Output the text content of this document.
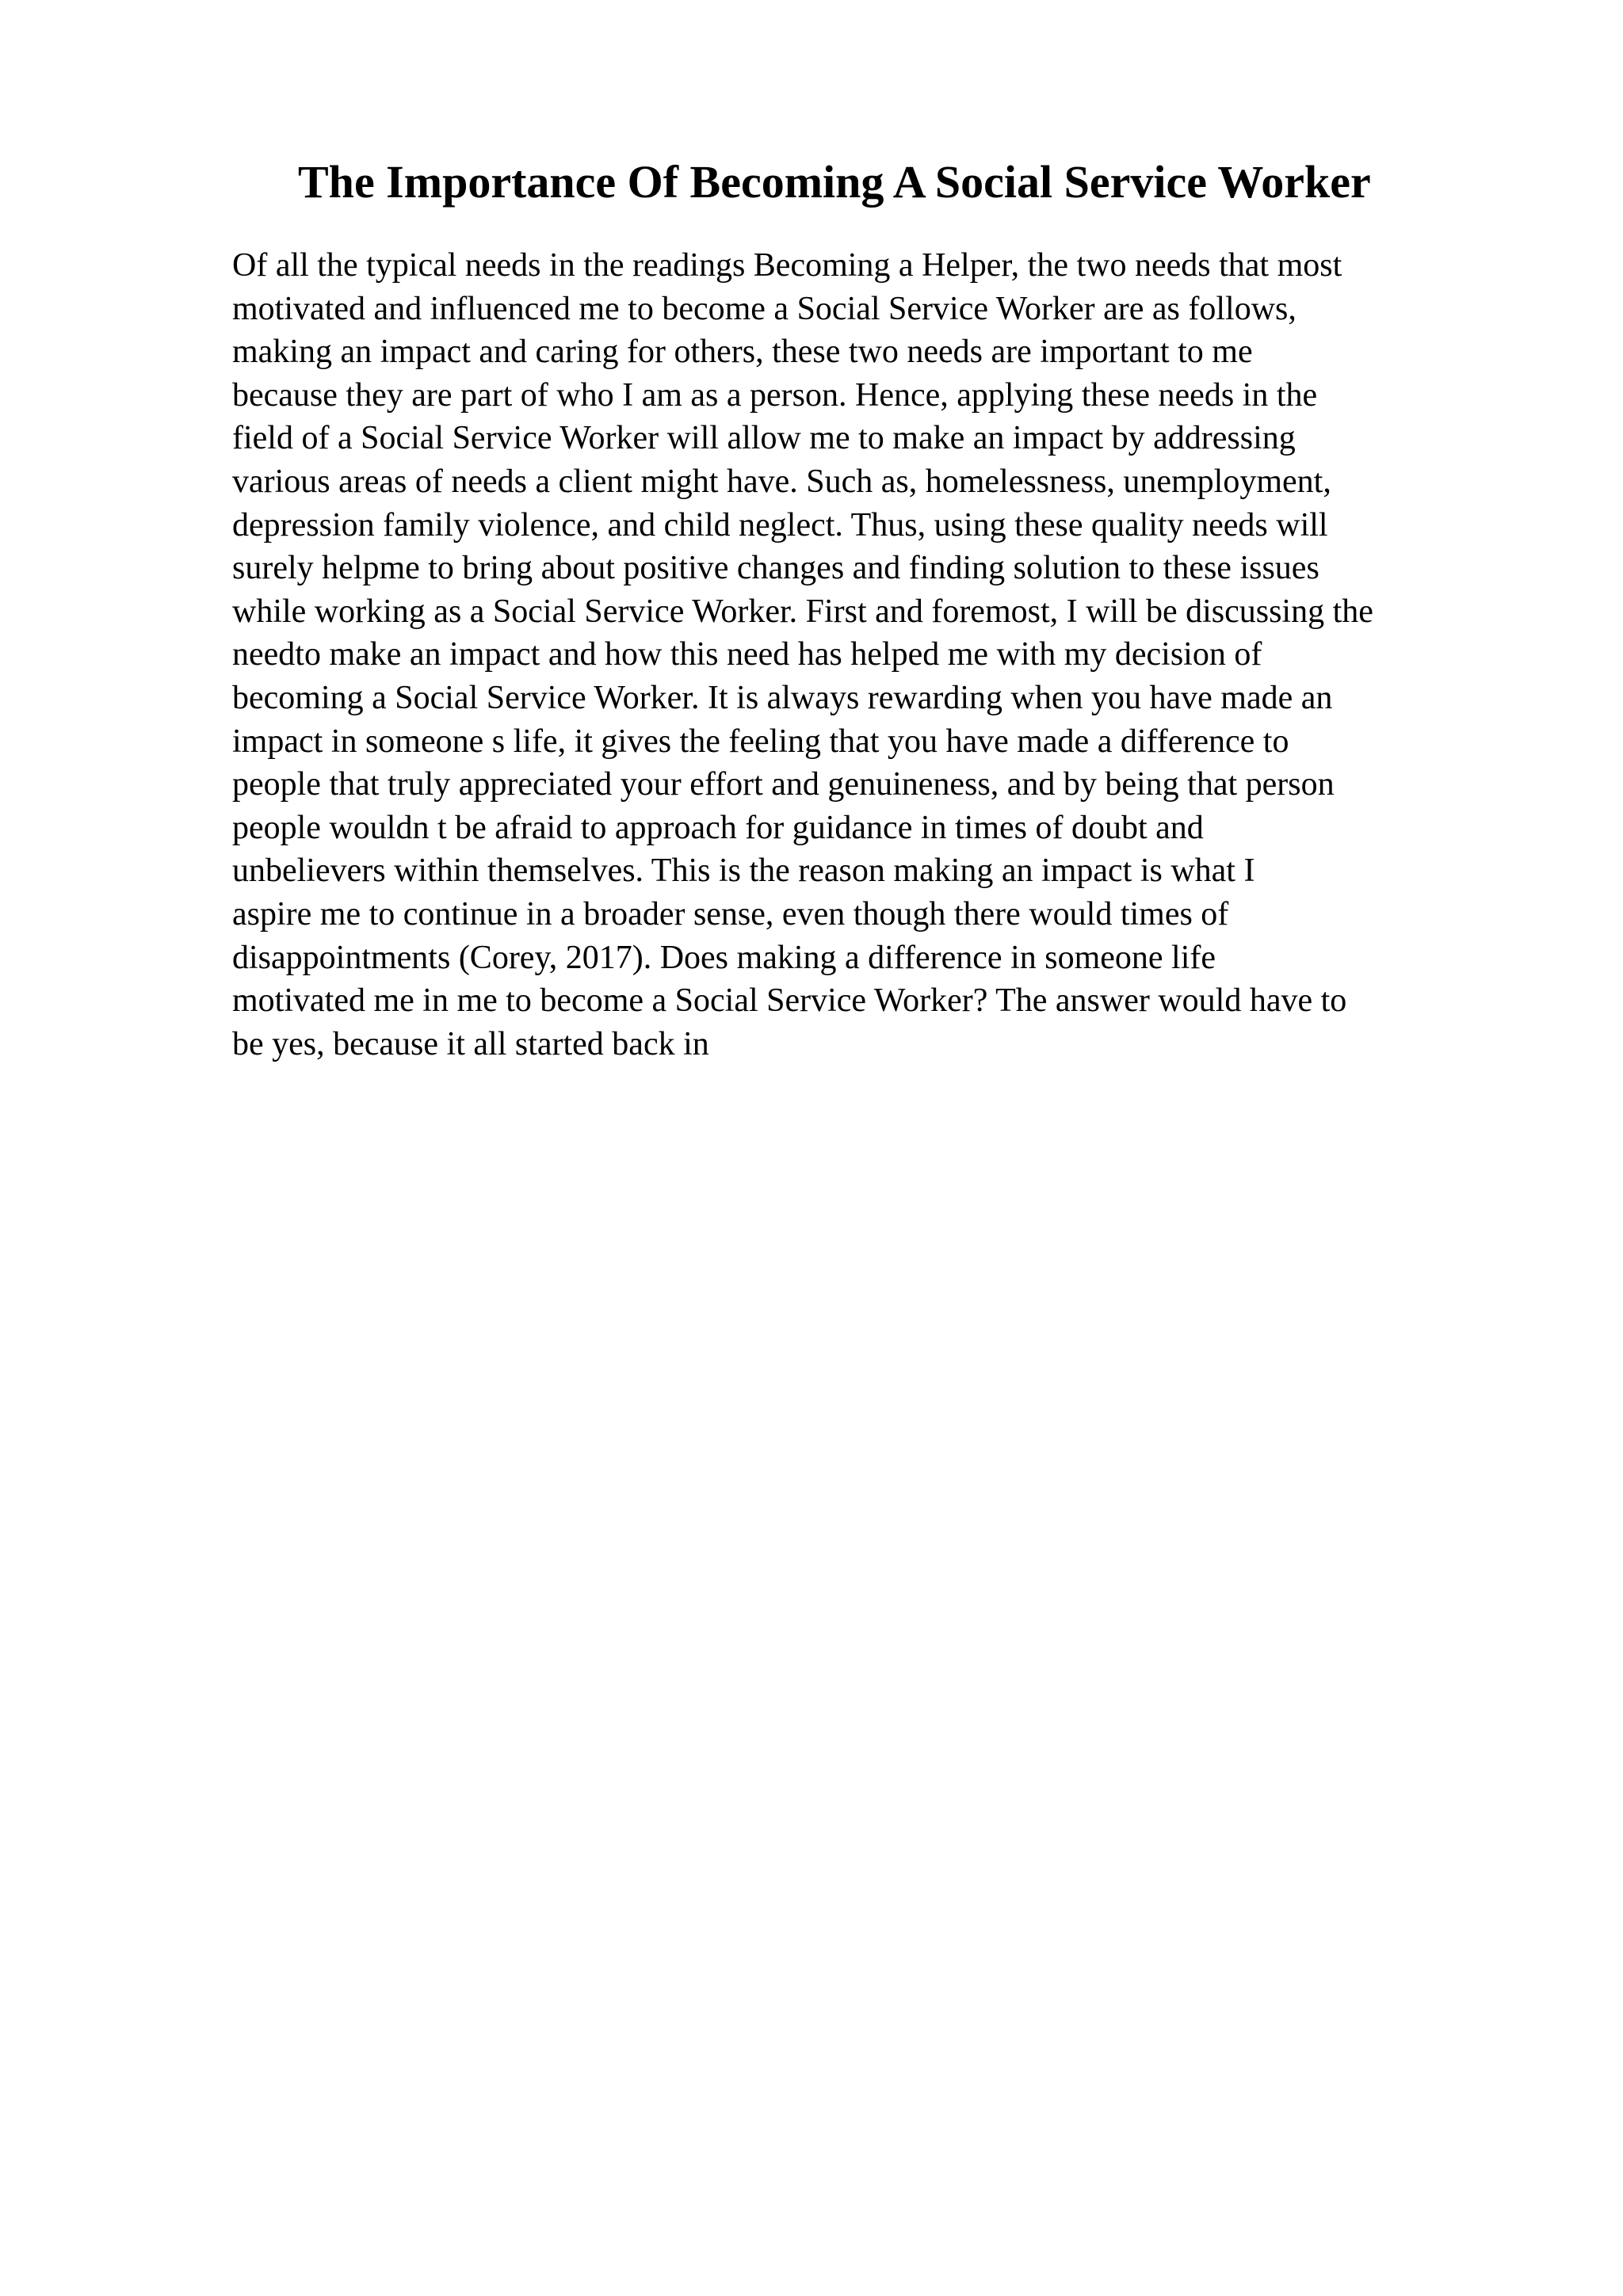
The Importance Of Becoming A Social Service Worker
Of all the typical needs in the readings Becoming a Helper, the two needs that most
motivated and influenced me to become a Social Service Worker are as follows,
making an impact and caring for others, these two needs are important to me
because they are part of who I am as a person. Hence, applying these needs in the
field of a Social Service Worker will allow me to make an impact by addressing
various areas of needs a client might have. Such as, homelessness, unemployment,
depression family violence, and child neglect. Thus, using these quality needs will
surely helpme to bring about positive changes and finding solution to these issues
while working as a Social Service Worker. First and foremost, I will be discussing the
needto make an impact and how this need has helped me with my decision of
becoming a Social Service Worker. It is always rewarding when you have made an
impact in someone s life, it gives the feeling that you have made a difference to
people that truly appreciated your effort and genuineness, and by being that person
people wouldn t be afraid to approach for guidance in times of doubt and
unbelievers within themselves. This is the reason making an impact is what I
aspire me to continue in a broader sense, even though there would times of
disappointments (Corey, 2017). Does making a difference in someone life
motivated me in me to become a Social Service Worker? The answer would have to
be yes, because it all started back in
